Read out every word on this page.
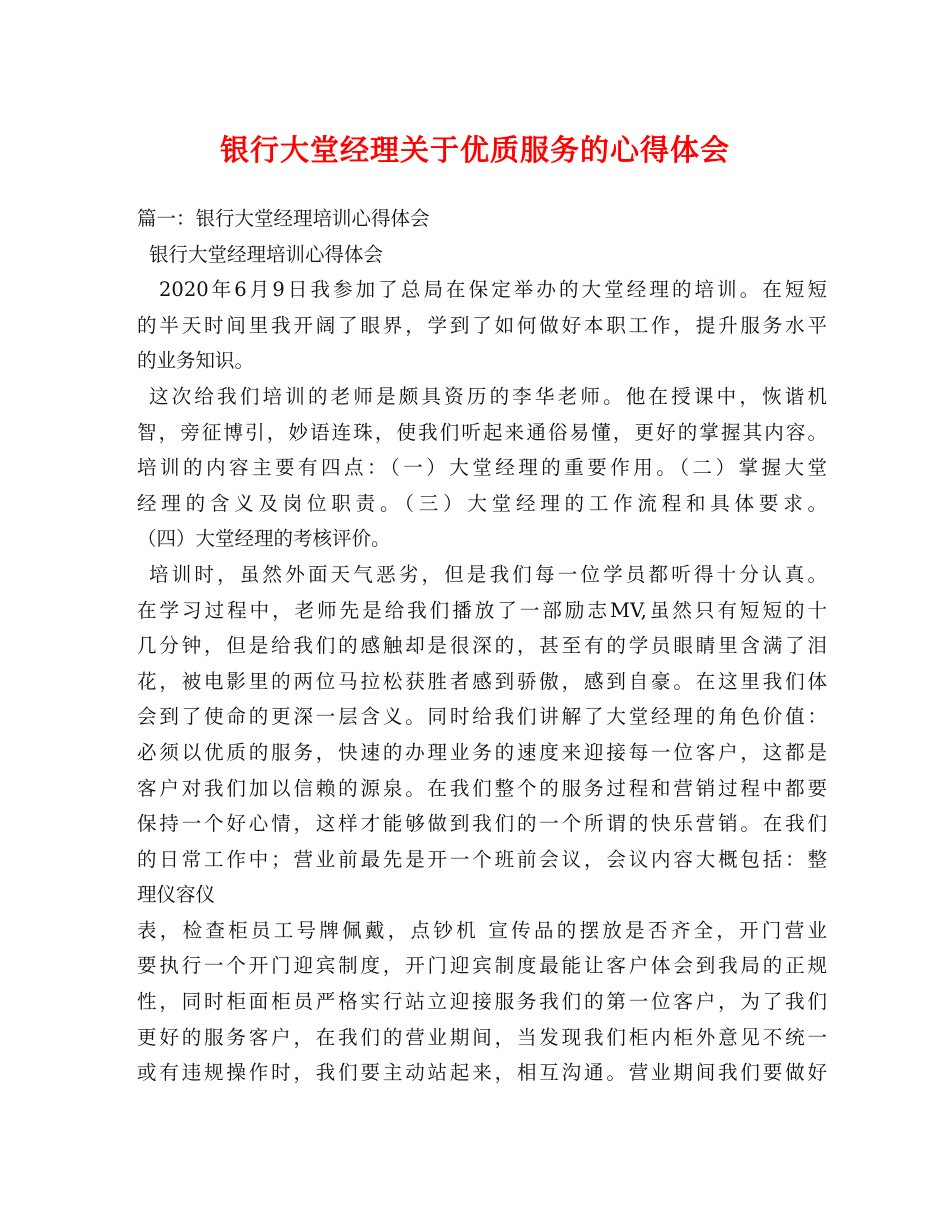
银行大堂经理关于优质服务的心得体会
篇一：银行大堂经理培训心得体会
银行大堂经理培训心得体会
2020年6月9日我参加了总局在保定举办的大堂经理的培训。在短短
的半天时间里我开阔了眼界，学到了如何做好本职工作，提升服务水平
的业务知识。
这次给我们培训的老师是颇具资历的李华老师。他在授课中，恢谐机
智，旁征博引，妙语连珠，使我们听起来通俗易懂，更好的掌握其内容。
培训的内容主要有四点：（一）大堂经理的重要作用。（二）掌握大堂
经理的含义及岗位职责。（三）大堂经理的工作流程和具体要求。
（四）大堂经理的考核评价。
培训时，虽然外面天气恶劣，但是我们每一位学员都听得十分认真。
在学习过程中，老师先是给我们播放了一部励志MV,虽然只有短短的十
几分钟，但是给我们的感触却是很深的，甚至有的学员眼睛里含满了泪
花，被电影里的两位马拉松获胜者感到骄傲，感到自豪。在这里我们体
会到了使命的更深一层含义。同时给我们讲解了大堂经理的角色价值：
必须以优质的服务，快速的办理业务的速度来迎接每一位客户，这都是
客户对我们加以信赖的源泉。在我们整个的服务过程和营销过程中都要
保持一个好心情，这样才能够做到我们的一个所谓的快乐营销。在我们
的日常工作中；营业前最先是开一个班前会议，会议内容大概包括：整
理仪容仪
表，检查柜员工号牌佩戴，点钞机 宣传品的摆放是否齐全，开门营业
要执行一个开门迎宾制度，开门迎宾制度最能让客户体会到我局的正规
性，同时柜面柜员严格实行站立迎接服务我们的第一位客户，为了我们
更好的服务客户，在我们的营业期间，当发现我们柜内柜外意见不统一
或有违规操作时，我们要主动站起来，相互沟通。营业期间我们要做好
